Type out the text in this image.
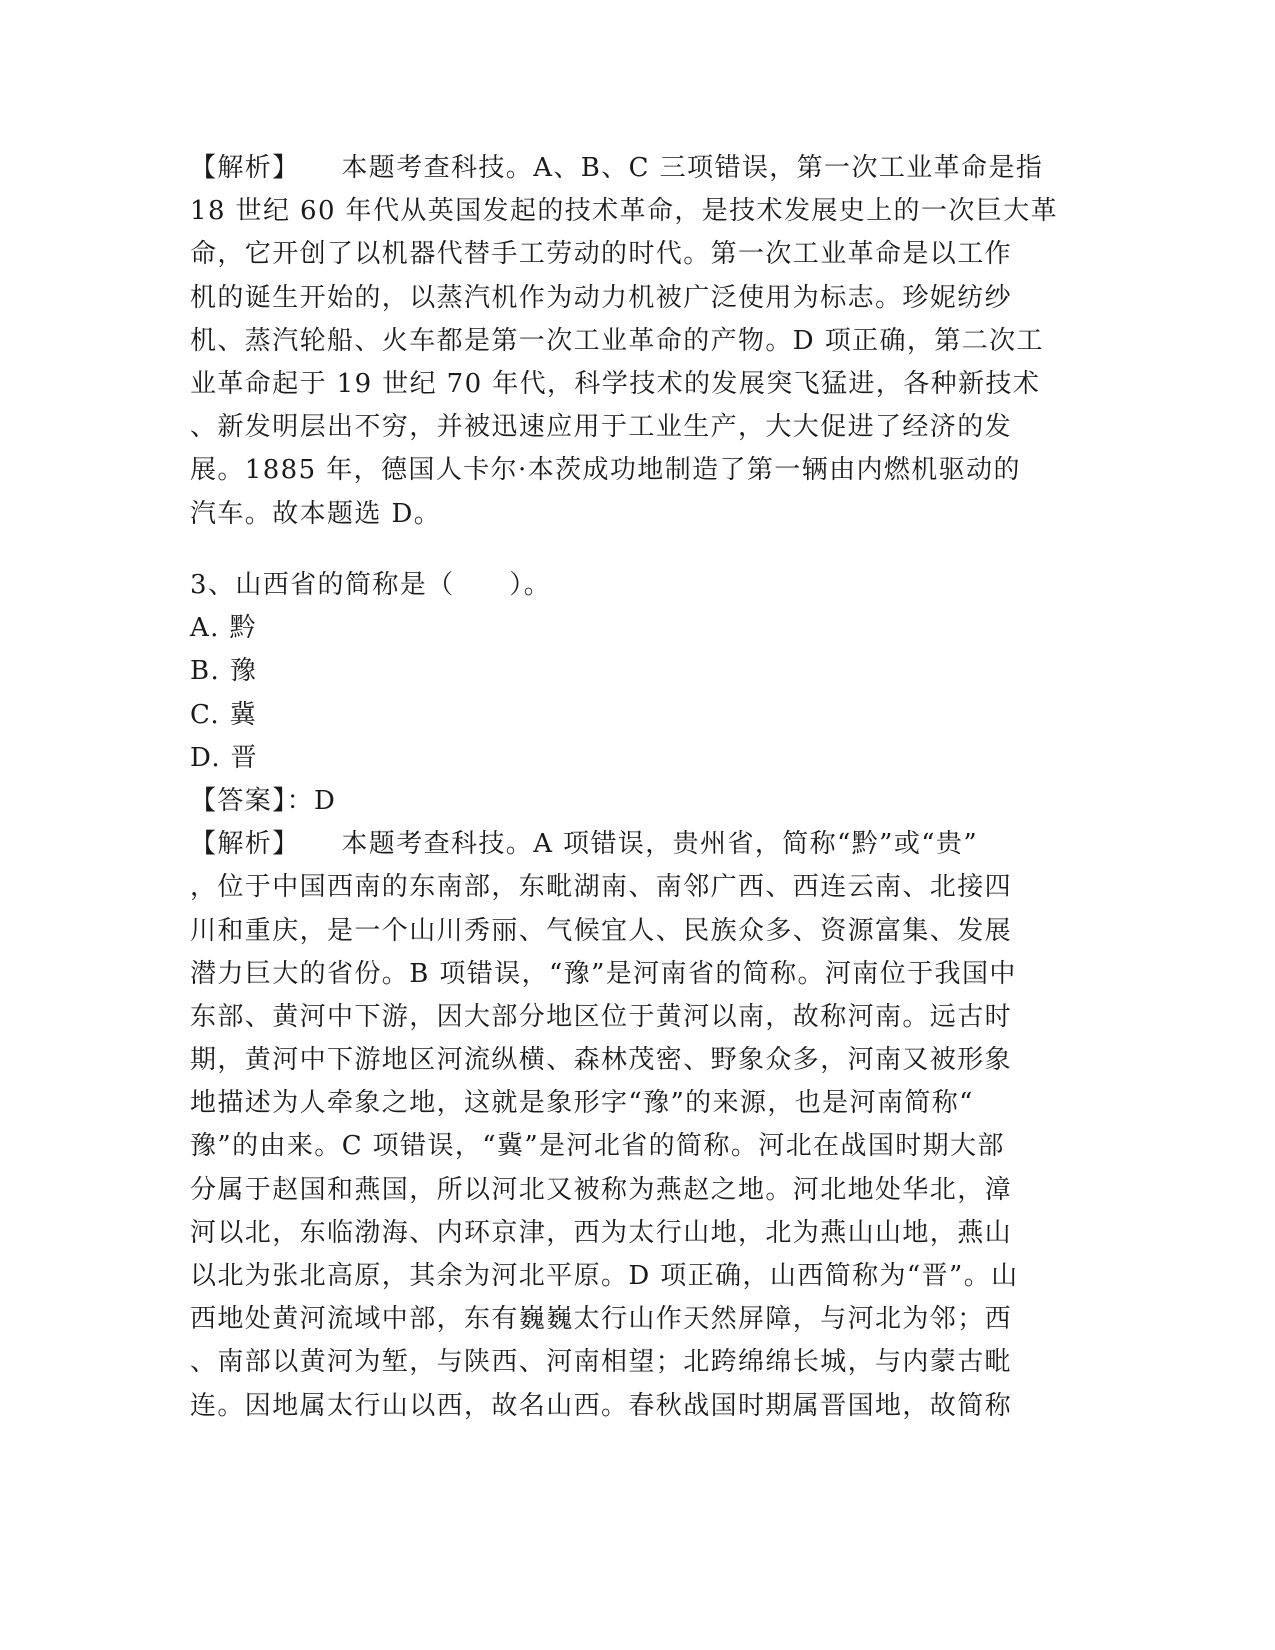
【解析】　　本题考查科技。A、B、C 三项错误，第一次工业革命是指
18 世纪 60 年代从英国发起的技术革命，是技术发展史上的一次巨大革
命，它开创了以机器代替手工劳动的时代。第一次工业革命是以工作
机的诞生开始的，以蒸汽机作为动力机被广泛使用为标志。珍妮纺纱
机、蒸汽轮船、火车都是第一次工业革命的产物。D 项正确，第二次工
业革命起于 19 世纪 70 年代，科学技术的发展突飞猛进，各种新技术
、新发明层出不穷，并被迅速应用于工业生产，大大促进了经济的发
展。1885 年，德国人卡尔·本茨成功地制造了第一辆由内燃机驱动的
汽车。故本题选 D。
3、山西省的简称是（　　）。
A. 黔
B. 豫
C. 冀
D. 晋
【答案】：D
【解析】　　本题考查科技。A 项错误，贵州省，简称“黔”或“贵”
，位于中国西南的东南部，东毗湖南、南邻广西、西连云南、北接四
川和重庆，是一个山川秀丽、气候宜人、民族众多、资源富集、发展
潜力巨大的省份。B 项错误，“豫”是河南省的简称。河南位于我国中
东部、黄河中下游，因大部分地区位于黄河以南，故称河南。远古时
期，黄河中下游地区河流纵横、森林茂密、野象众多，河南又被形象
地描述为人牵象之地，这就是象形字“豫”的来源，也是河南简称“
豫”的由来。C 项错误，“冀”是河北省的简称。河北在战国时期大部
分属于赵国和燕国，所以河北又被称为燕赵之地。河北地处华北，漳
河以北，东临渤海、内环京津，西为太行山地，北为燕山山地，燕山
以北为张北高原，其余为河北平原。D 项正确，山西简称为“晋”。山
西地处黄河流域中部，东有巍巍太行山作天然屏障，与河北为邻；西
、南部以黄河为堑，与陕西、河南相望；北跨绵绵长城，与内蒙古毗
连。因地属太行山以西，故名山西。春秋战国时期属晋国地，故简称
